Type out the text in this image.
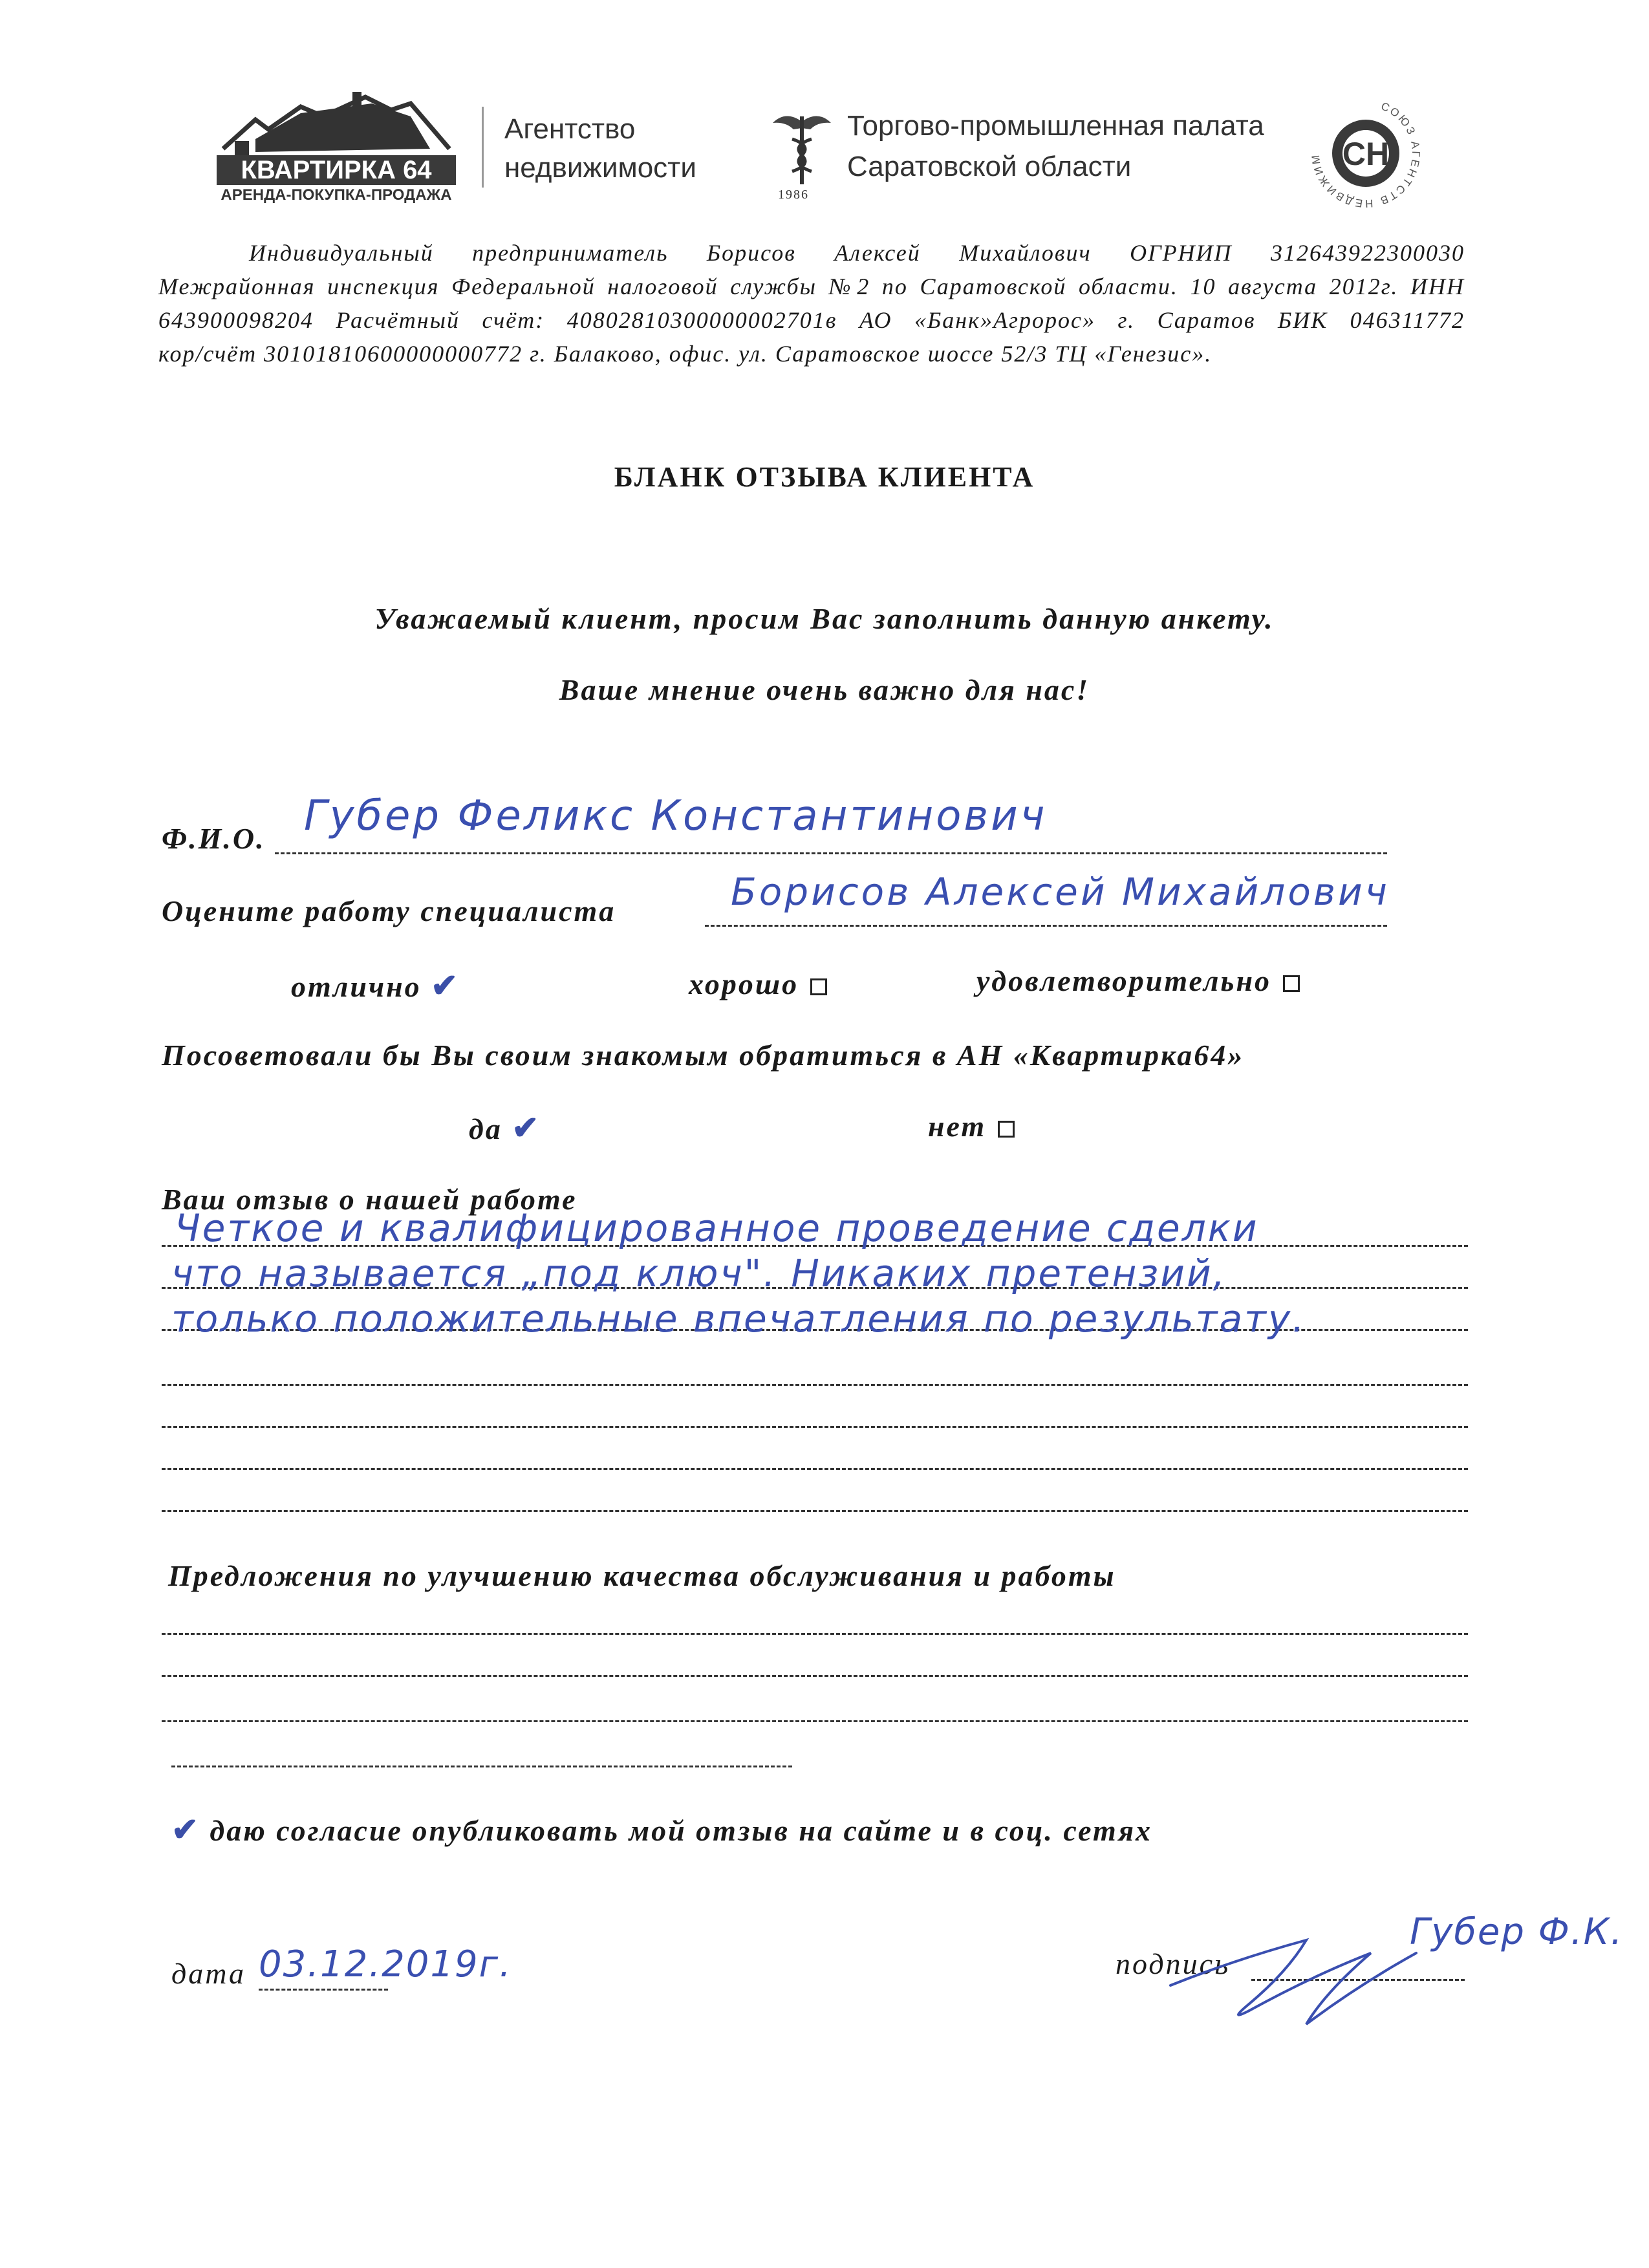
КВАРТИРКА 64
АРЕНДА-ПОКУПКА-ПРОДАЖА
Агентство
недвижимости
1986
Торгово-промышленная палата
Саратовской области	СН
СОЮЗ АГЕНТСТВ НЕДВИЖИМ
Индивидуальный предприниматель Борисов Алексей Михайлович ОГРНИП 312643922300030
Межрайонная инспекция Федеральной налоговой службы №2 по Саратовской области. 10 августа 2012г. ИНН
643900098204 Расчётный счёт: 40802810300000002701в АО «Банк»Агророс» г. Саратов БИК 046311772
кор/счёт 30101810600000000772 г. Балаково, офис. ул. Саратовское шоссе 52/3 ТЦ «Генезис».
БЛАНК ОТЗЫВА КЛИЕНТА
Уважаемый клиент, просим Вас заполнить данную анкету.
Ваше мнение очень важно для нас!
Ф.И.О. Губер Феликс Константинович
Оцените работу специалиста	Борисов Алексей Михайлович
отлично ✔	хорошо	удовлетворительно
Посоветовали бы Вы своим знакомым обратиться в АН «Квартирка64»
да ✔	нет
Ваш отзыв о нашей работе
Четкое и квалифицированное проведение сделки
что называется „под ключ". Никаких претензий,
только положительные впечатления по результату.
Предложения по улучшению качества обслуживания и работы
✔ даю согласие опубликовать мой отзыв на сайте и в соц. сетях
дата 03.12.2019г.	подпись
Губер Ф.К.
